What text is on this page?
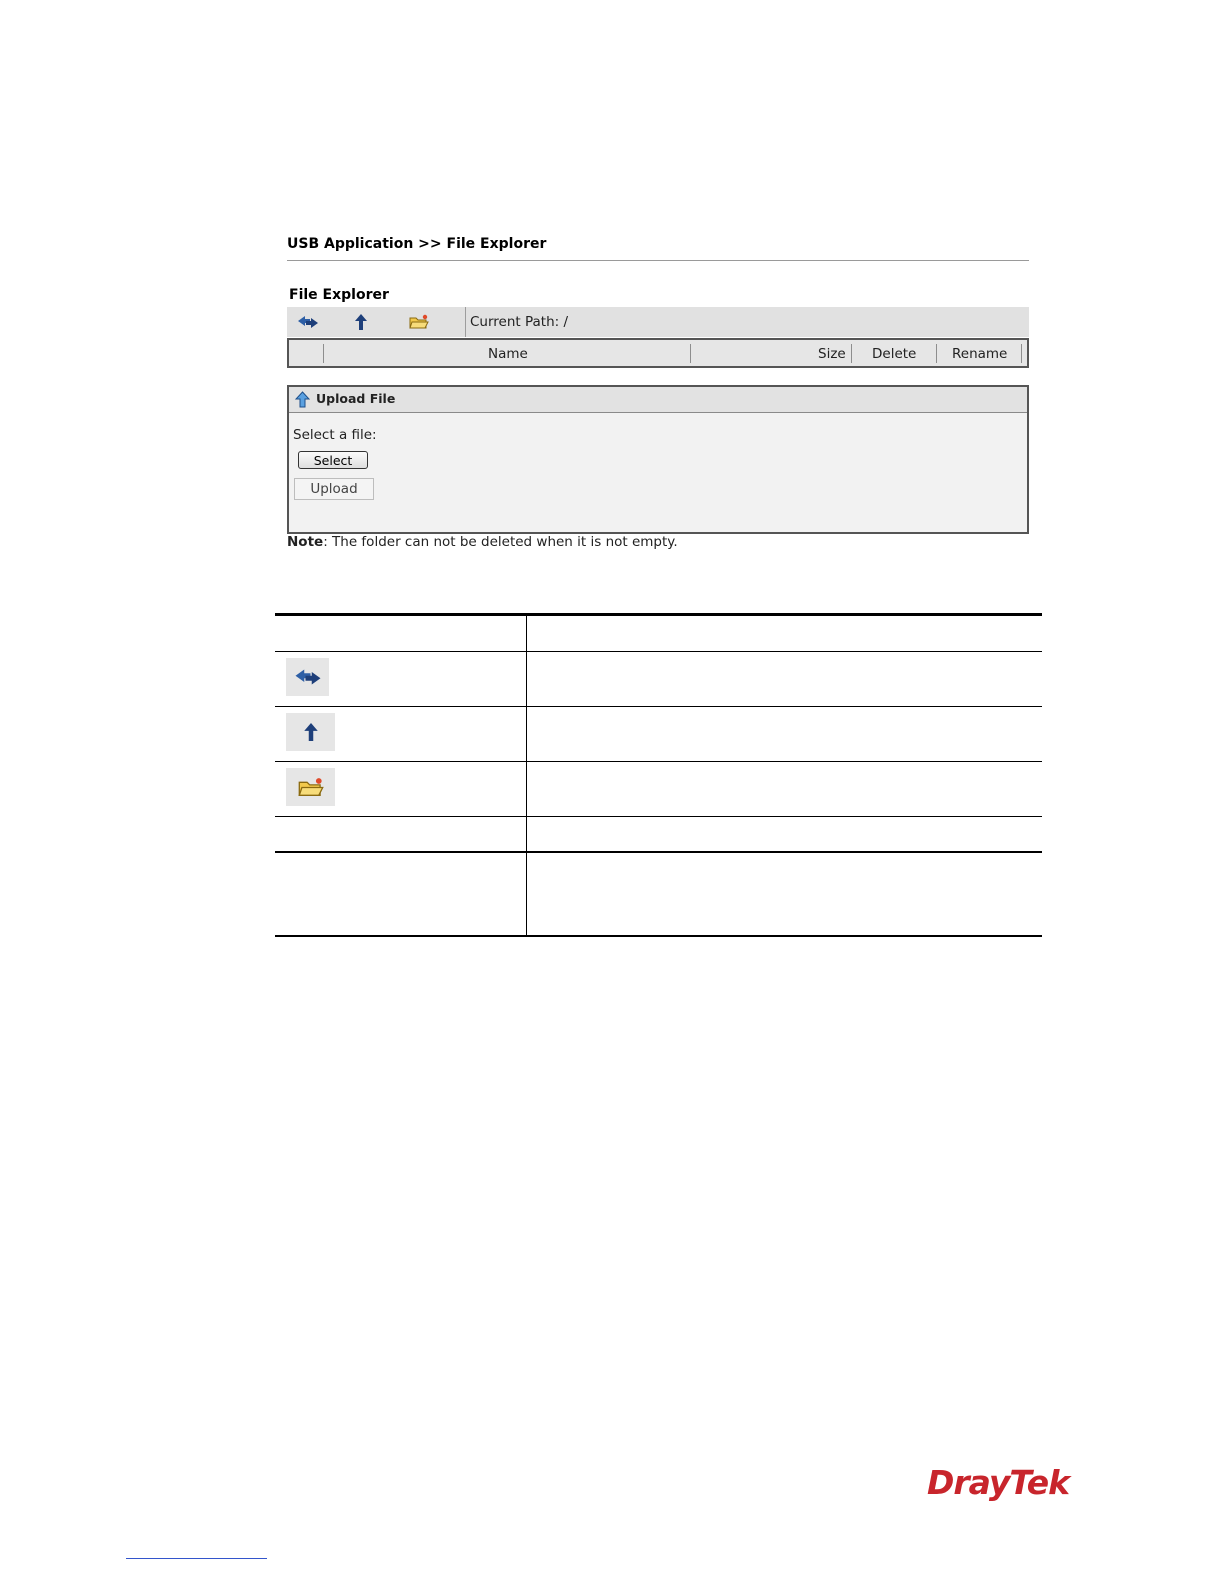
USB Application >> File Explorer
File Explorer
Current Path: /
Name	Size Delete	Rename
Upload File
Select a file:
Select
Upload
Note: The folder can not be deleted when it is not empty.
DrayTek
